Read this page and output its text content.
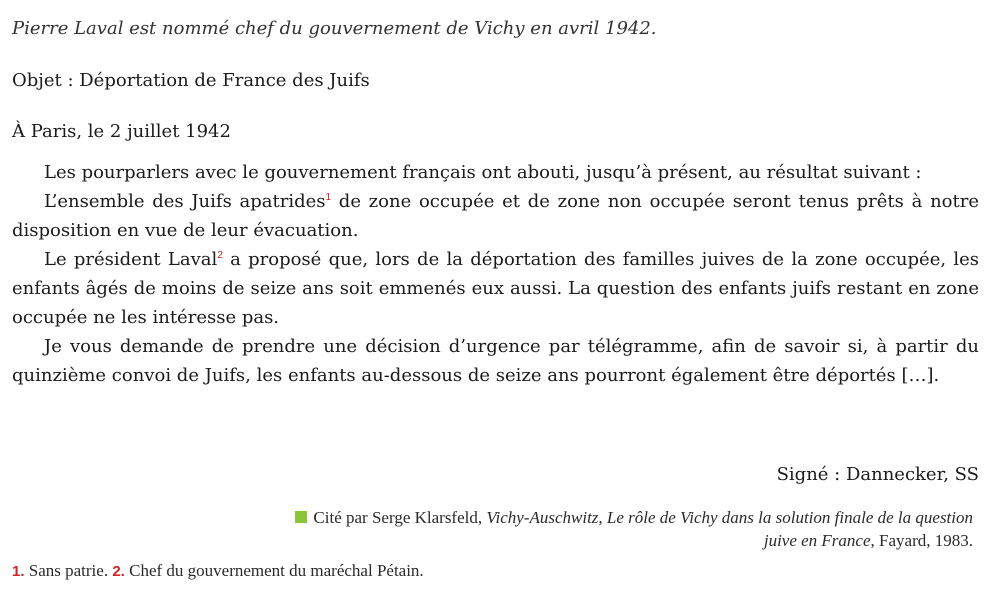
Pierre Laval est nommé chef du gouvernement de Vichy en avril 1942.
Objet : Déportation de France des Juifs
À Paris, le 2 juillet 1942

Les pourparlers avec le gouvernement français ont abouti, jusqu’à présent, au résultat suivant :

L’ensemble des Juifs apatrides$^1$ de zone occupée et de zone non occupée seront tenus prêts à notre disposition en vue de leur évacuation.

Le président Laval$^2$ a proposé que, lors de la déportation des familles juives de la zone occupée, les enfants âgés de moins de seize ans soit emmenés eux aussi. La question des enfants juifs restant en zone occupée ne les intéresse pas.

Je vous demande de prendre une décision d’urgence par télégramme, afin de savoir si, à partir du quinzième convoi de Juifs, les enfants au-dessous de seize ans pourront également être déportés […].

Signé : Dannecker, SS
Cité par Serge Klarsfeld, Vichy-Auschwitz, Le rôle de Vichy dans la solution finale de la question juive en France, Fayard, 1983.
1. Sans patrie. 2. Chef du gouvernement du maréchal Pétain.
